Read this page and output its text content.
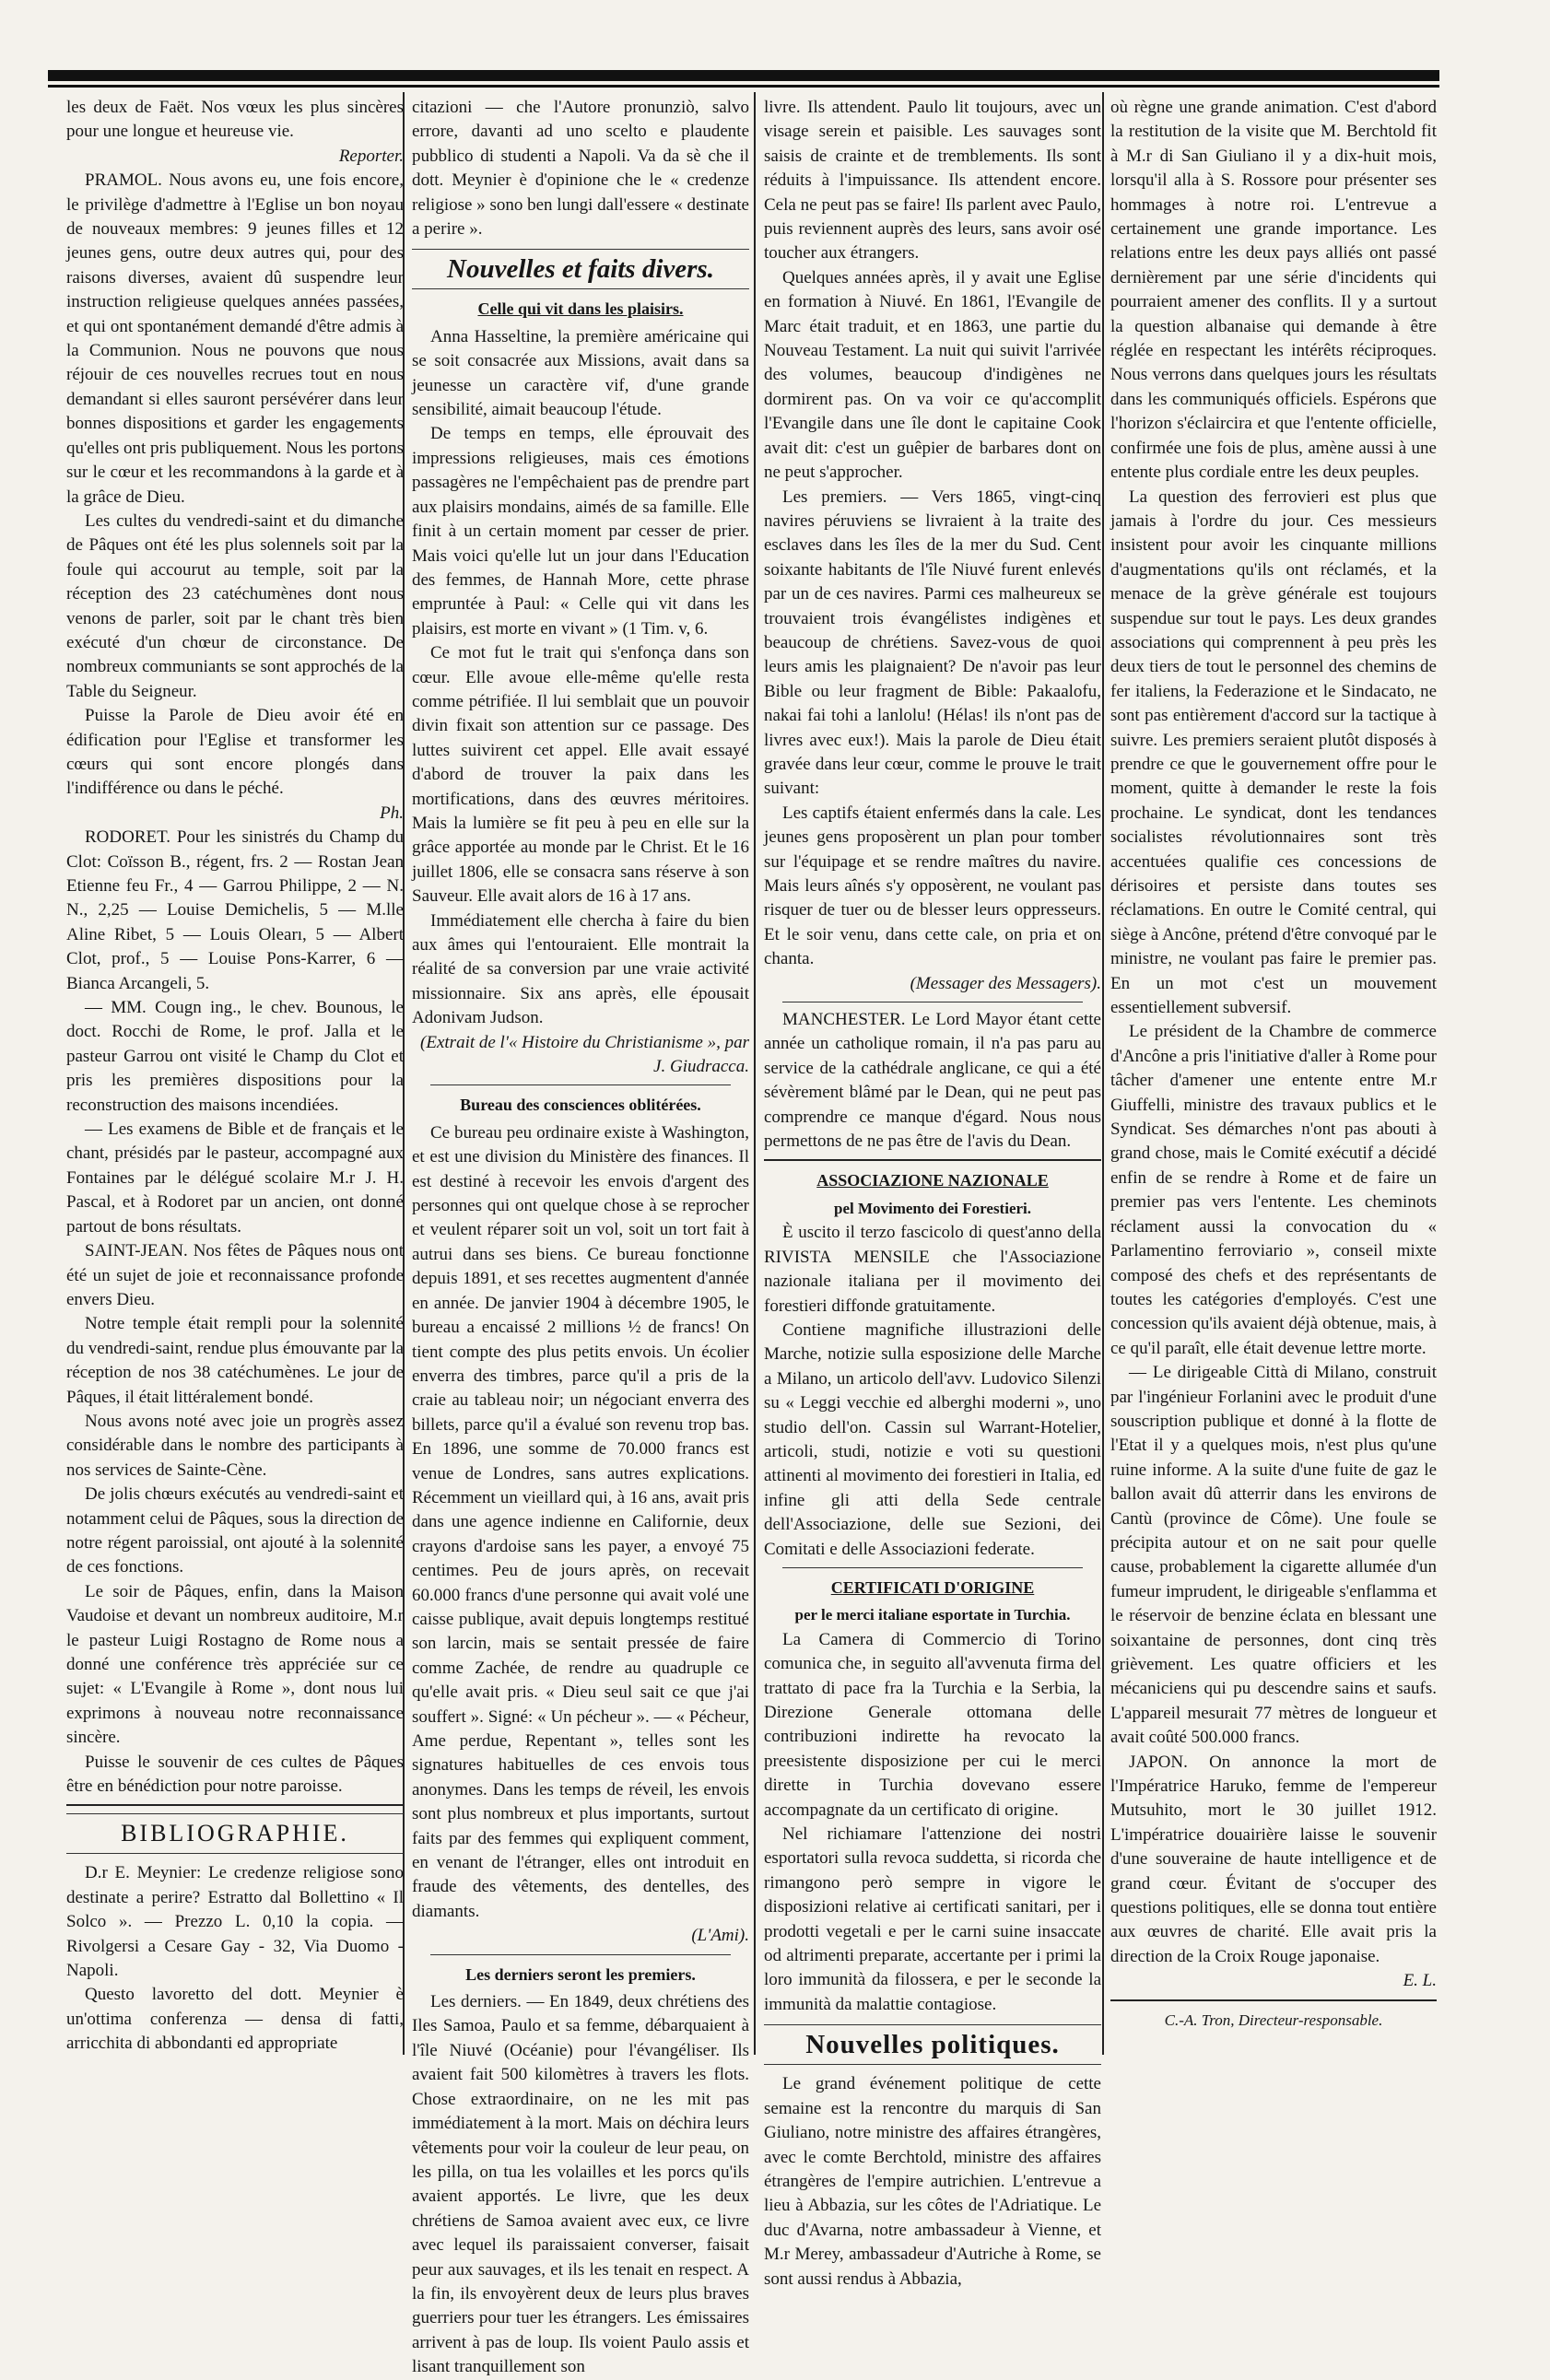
les deux de Faët. Nos vœux les plus sincères pour une longue et heureuse vie.

Reporter.

PRAMOL. Nous avons eu, une fois encore, le privilège d'admettre à l'Eglise un bon noyau de nouveaux membres: 9 jeunes filles et 12 jeunes gens, outre deux autres qui, pour des raisons diverses, avaient dû suspendre leur instruction religieuse quelques années passées, et qui ont spontanément demandé d'être admis à la Communion. Nous ne pouvons que nous réjouir de ces nouvelles recrues tout en nous demandant si elles sauront persévérer dans leur bonnes dispositions et garder les engagements qu'elles ont pris publiquement. Nous les portons sur le cœur et les recommandons à la garde et à la grâce de Dieu.

Les cultes du vendredi-saint et du dimanche de Pâques ont été les plus solennels soit par la foule qui accourut au temple, soit par la réception des 23 catéchumènes dont nous venons de parler, soit par le chant très bien exécuté d'un chœur de circonstance. De nombreux communiants se sont approchés de la Table du Seigneur.

Puisse la Parole de Dieu avoir été en édification pour l'Eglise et transformer les cœurs qui sont encore plongés dans l'indifférence ou dans le péché.

Ph.

RODORET. Pour les sinistrés du Champ du Clot: Coïsson B., régent, frs. 2 — Rostan Jean Etienne feu Fr., 4 — Garrou Philippe, 2 — N. N., 2,25 — Louise Demichelis, 5 — M.lle Aline Ribet, 5 — Louis Olearı, 5 — Albert Clot, prof., 5 — Louise Pons-Karrer, 6 — Bianca Arcangeli, 5.

— MM. Cougn ing., le chev. Bounous, le doct. Rocchi de Rome, le prof. Jalla et le pasteur Garrou ont visité le Champ du Clot et pris les premières dispositions pour la reconstruction des maisons incendiées.

— Les examens de Bible et de français et le chant, présidés par le pasteur, accompagné aux Fontaines par le délégué scolaire M.r J. H. Pascal, et à Rodoret par un ancien, ont donné partout de bons résultats.

SAINT-JEAN. Nos fêtes de Pâques nous ont été un sujet de joie et reconnaissance profonde envers Dieu.

Notre temple était rempli pour la solennité du vendredi-saint, rendue plus émouvante par la réception de nos 38 catéchumènes. Le jour de Pâques, il était littéralement bondé.

Nous avons noté avec joie un progrès assez considérable dans le nombre des participants à nos services de Sainte-Cène.

De jolis chœurs exécutés au vendredi-saint et notamment celui de Pâques, sous la direction de notre régent paroissial, ont ajouté à la solennité de ces fonctions.

Le soir de Pâques, enfin, dans la Maison Vaudoise et devant un nombreux auditoire, M.r le pasteur Luigi Rostagno de Rome nous a donné une conférence très appréciée sur ce sujet: « L'Evangile à Rome », dont nous lui exprimons à nouveau notre reconnaissance sincère.

Puisse le souvenir de ces cultes de Pâques être en bénédiction pour notre paroisse.

BIBLIOGRAPHIE.

D.r E. Meynier: Le credenze religiose sono destinate a perire? Estratto dal Bollettino « Il Solco ». — Prezzo L. 0,10 la copia. — Rivolgersi a Cesare Gay - 32, Via Duomo - Napoli.

Questo lavoretto del dott. Meynier è un'ottima conferenza — densa di fatti, arricchita di abbondanti ed appropriate

citazioni — che l'Autore pronunziò, salvo errore, davanti ad uno scelto e plaudente pubblico di studenti a Napoli. Va da sè che il dott. Meynier è d'opinione che le « credenze religiose » sono ben lungi dall'essere « destinate a perire ».

Nouvelles et faits divers.
Celle qui vit dans les plaisirs.

Anna Hasseltine, la première américaine qui se soit consacrée aux Missions, avait dans sa jeunesse un caractère vif, d'une grande sensibilité, aimait beaucoup l'étude.

De temps en temps, elle éprouvait des impressions religieuses, mais ces émotions passagères ne l'empêchaient pas de prendre part aux plaisirs mondains, aimés de sa famille. Elle finit à un certain moment par cesser de prier. Mais voici qu'elle lut un jour dans l'Education des femmes, de Hannah More, cette phrase empruntée à Paul: « Celle qui vit dans les plaisirs, est morte en vivant » (1 Tim. v, 6.

Ce mot fut le trait qui s'enfonça dans son cœur. Elle avoue elle-même qu'elle resta comme pétrifiée. Il lui semblait que un pouvoir divin fixait son attention sur ce passage. Des luttes suivirent cet appel. Elle avait essayé d'abord de trouver la paix dans les mortifications, dans des œuvres méritoires. Mais la lumière se fit peu à peu en elle sur la grâce apportée au monde par le Christ. Et le 16 juillet 1806, elle se consacra sans réserve à son Sauveur. Elle avait alors de 16 à 17 ans.

Immédiatement elle chercha à faire du bien aux âmes qui l'entouraient. Elle montrait la réalité de sa conversion par une vraie activité missionnaire. Six ans après, elle épousait Adonivam Judson.

(Extrait de l'« Histoire du Christianisme », par J. Giudracca.

Bureau des consciences oblitérées.

Ce bureau peu ordinaire existe à Washington, et est une division du Ministère des finances. Il est destiné à recevoir les envois d'argent des personnes qui ont quelque chose à se reprocher et veulent réparer soit un vol, soit un tort fait à autrui dans ses biens. Ce bureau fonctionne depuis 1891, et ses recettes augmentent d'année en année. De janvier 1904 à décembre 1905, le bureau a encaissé 2 millions ½ de francs! On tient compte des plus petits envois. Un écolier enverra des timbres, parce qu'il a pris de la craie au tableau noir; un négociant enverra des billets, parce qu'il a évalué son revenu trop bas. En 1896, une somme de 70.000 francs est venue de Londres, sans autres explications. Récemment un vieillard qui, à 16 ans, avait pris dans une agence indienne en Californie, deux crayons d'ardoise sans les payer, a envoyé 75 centimes. Peu de jours après, on recevait 60.000 francs d'une personne qui avait volé une caisse publique, avait depuis longtemps restitué son larcin, mais se sentait pressée de faire comme Zachée, de rendre au quadruple ce qu'elle avait pris. « Dieu seul sait ce que j'ai souffert ». Signé: « Un pécheur ». — « Pécheur, Ame perdue, Repentant », telles sont les signatures habituelles de ces envois tous anonymes. Dans les temps de réveil, les envois sont plus nombreux et plus importants, surtout faits par des femmes qui expliquent comment, en venant de l'étranger, elles ont introduit en fraude des vêtements, des dentelles, des diamants.

(L'Ami).

Les derniers seront les premiers.

Les derniers. — En 1849, deux chrétiens des Iles Samoa, Paulo et sa femme, débarquaient à l'île Niuvé (Océanie) pour l'évangéliser. Ils avaient fait 500 kilomètres à travers les flots. Chose extraordinaire, on ne les mit pas immédiatement à la mort. Mais on déchira leurs vêtements pour voir la couleur de leur peau, on les pilla, on tua les volailles et les porcs qu'ils avaient apportés. Le livre, que les deux chrétiens de Samoa avaient avec eux, ce livre avec lequel ils paraissaient converser, faisait peur aux sauvages, et ils les tenait en respect. A la fin, ils envoyèrent deux de leurs plus braves guerriers pour tuer les étrangers. Les émissaires arrivent à pas de loup. Ils voient Paulo assis et lisant tranquillement son

livre. Ils attendent. Paulo lit toujours, avec un visage serein et paisible. Les sauvages sont saisis de crainte et de tremblements. Ils sont réduits à l'impuissance. Ils attendent encore. Cela ne peut pas se faire! Ils parlent avec Paulo, puis reviennent auprès des leurs, sans avoir osé toucher aux étrangers.

Quelques années après, il y avait une Eglise en formation à Niuvé. En 1861, l'Evangile de Marc était traduit, et en 1863, une partie du Nouveau Testament. La nuit qui suivit l'arrivée des volumes, beaucoup d'indigènes ne dormirent pas. On va voir ce qu'accomplit l'Evangile dans une île dont le capitaine Cook avait dit: c'est un guêpier de barbares dont on ne peut s'approcher.

Les premiers. — Vers 1865, vingt-cinq navires péruviens se livraient à la traite des esclaves dans les îles de la mer du Sud. Cent soixante habitants de l'île Niuvé furent enlevés par un de ces navires. Parmi ces malheureux se trouvaient trois évangélistes indigènes et beaucoup de chrétiens. Savez-vous de quoi leurs amis les plaignaient? De n'avoir pas leur Bible ou leur fragment de Bible: Pakaalofu, nakai fai tohi a lanlolu! (Hélas! ils n'ont pas de livres avec eux!). Mais la parole de Dieu était gravée dans leur cœur, comme le prouve le trait suivant:

Les captifs étaient enfermés dans la cale. Les jeunes gens proposèrent un plan pour tomber sur l'équipage et se rendre maîtres du navire. Mais leurs aînés s'y opposèrent, ne voulant pas risquer de tuer ou de blesser leurs oppresseurs. Et le soir venu, dans cette cale, on pria et on chanta.

(Messager des Messagers).

MANCHESTER. Le Lord Mayor étant cette année un catholique romain, il n'a pas paru au service de la cathédrale anglicane, ce qui a été sévèrement blâmé par le Dean, qui ne peut pas comprendre ce manque d'égard. Nous nous permettons de ne pas être de l'avis du Dean.

ASSOCIAZIONE NAZIONALE

pel Movimento dei Forestieri.

È uscito il terzo fascicolo di quest'anno della RIVISTA MENSILE che l'Associazione nazionale italiana per il movimento dei forestieri diffonde gratuitamente.

Contiene magnifiche illustrazioni delle Marche, notizie sulla esposizione delle Marche a Milano, un articolo dell'avv. Ludovico Silenzi su « Leggi vecchie ed alberghi moderni », uno studio dell'on. Cassin sul Warrant-Hotelier, articoli, studi, notizie e voti su questioni attinenti al movimento dei forestieri in Italia, ed infine gli atti della Sede centrale dell'Associazione, delle sue Sezioni, dei Comitati e delle Associazioni federate.

CERTIFICATI D'ORIGINE

per le merci italiane esportate in Turchia.

La Camera di Commercio di Torino comunica che, in seguito all'avvenuta firma del trattato di pace fra la Turchia e la Serbia, la Direzione Generale ottomana delle contribuzioni indirette ha revocato la preesistente disposizione per cui le merci dirette in Turchia dovevano essere accompagnate da un certificato di origine.

Nel richiamare l'attenzione dei nostri esportatori sulla revoca suddetta, si ricorda che rimangono però sempre in vigore le disposizioni relative ai certificati sanitari, per i prodotti vegetali e per le carni suine insaccate od altrimenti preparate, accertante per i primi la loro immunità da filossera, e per le seconde la immunità da malattie contagiose.

Nouvelles politiques.

Le grand événement politique de cette semaine est la rencontre du marquis di San Giuliano, notre ministre des affaires étrangères, avec le comte Berchtold, ministre des affaires étrangères de l'empire autrichien. L'entrevue a lieu à Abbazia, sur les côtes de l'Adriatique. Le duc d'Avarna, notre ambassadeur à Vienne, et M.r Merey, ambassadeur d'Autriche à Rome, se sont aussi rendus à Abbazia,

où règne une grande animation. C'est d'abord la restitution de la visite que M. Berchtold fit à M.r di San Giuliano il y a dix-huit mois, lorsqu'il alla à S. Rossore pour présenter ses hommages à notre roi. L'entrevue a certainement une grande importance. Les relations entre les deux pays alliés ont passé dernièrement par une série d'incidents qui pourraient amener des conflits. Il y a surtout la question albanaise qui demande à être réglée en respectant les intérêts réciproques. Nous verrons dans quelques jours les résultats dans les communiqués officiels. Espérons que l'horizon s'éclaircira et que l'entente officielle, confirmée une fois de plus, amène aussi à une entente plus cordiale entre les deux peuples.

La question des ferrovieri est plus que jamais à l'ordre du jour. Ces messieurs insistent pour avoir les cinquante millions d'augmentations qu'ils ont réclamés, et la menace de la grève générale est toujours suspendue sur tout le pays. Les deux grandes associations qui comprennent à peu près les deux tiers de tout le personnel des chemins de fer italiens, la Federazione et le Sindacato, ne sont pas entièrement d'accord sur la tactique à suivre. Les premiers seraient plutôt disposés à prendre ce que le gouvernement offre pour le moment, quitte à demander le reste la fois prochaine. Le syndicat, dont les tendances socialistes révolutionnaires sont très accentuées qualifie ces concessions de dérisoires et persiste dans toutes ses réclamations. En outre le Comité central, qui siège à Ancône, prétend d'être convoqué par le ministre, ne voulant pas faire le premier pas. En un mot c'est un mouvement essentiellement subversif.

Le président de la Chambre de commerce d'Ancône a pris l'initiative d'aller à Rome pour tâcher d'amener une entente entre M.r Giuffelli, ministre des travaux publics et le Syndicat. Ses démarches n'ont pas abouti à grand chose, mais le Comité exécutif a décidé enfin de se rendre à Rome et de faire un premier pas vers l'entente. Les cheminots réclament aussi la convocation du « Parlamentino ferroviario », conseil mixte composé des chefs et des représentants de toutes les catégories d'employés. C'est une concession qu'ils avaient déjà obtenue, mais, à ce qu'il paraît, elle était devenue lettre morte.

— Le dirigeable Città di Milano, construit par l'ingénieur Forlanini avec le produit d'une souscription publique et donné à la flotte de l'Etat il y a quelques mois, n'est plus qu'une ruine informe. A la suite d'une fuite de gaz le ballon avait dû atterrir dans les environs de Cantù (province de Côme). Une foule se précipita autour et on ne sait pour quelle cause, probablement la cigarette allumée d'un fumeur imprudent, le dirigeable s'enflamma et le réservoir de benzine éclata en blessant une soixantaine de personnes, dont cinq très grièvement. Les quatre officiers et les mécaniciens qui pu descendre sains et saufs. L'appareil mesurait 77 mètres de longueur et avait coûté 500.000 francs.

JAPON. On annonce la mort de l'Impératrice Haruko, femme de l'empereur Mutsuhito, mort le 30 juillet 1912. L'impératrice douairière laisse le souvenir d'une souveraine de haute intelligence et de grand cœur. Évitant de s'occuper des questions politiques, elle se donna tout entière aux œuvres de charité. Elle avait pris la direction de la Croix Rouge japonaise.

E. L.

C.-A. Tron, Directeur-responsable.
